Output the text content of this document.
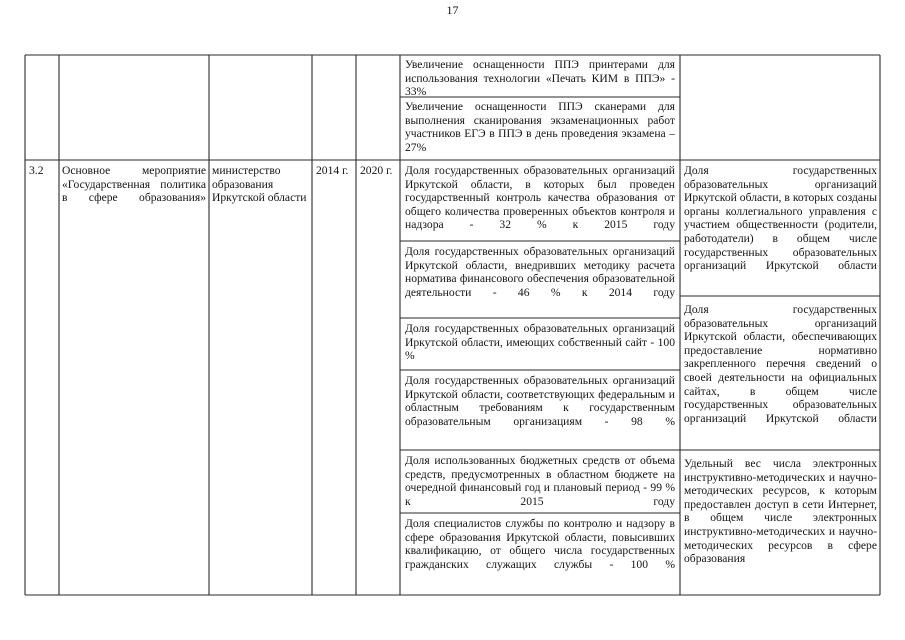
17
Увеличение оснащенности ППЭ принтерами для использования технологии «Печать КИМ в ППЭ» - 33%
Увеличение оснащенности ППЭ сканерами для выполнения сканирования экзаменационных работ участников ЕГЭ в ППЭ в день проведения экзамена – 27%
3.2	Основное мероприятие «Государственная политика в сфере образования»
министерство образования Иркутской области
2014 г. 2020 г.	Доля государственных образовательных организаций Иркутской области, в которых был проведен государственный контроль качества образования от общего количества проверенных объектов контроля и надзора - 32 % к 2015 году
Доля государственных образовательных организаций Иркутской области, внедривших методику расчета норматива финансового обеспечения образовательной деятельности - 46 % к 2014 году
Доля государственных образовательных организаций Иркутской области, имеющих собственный сайт - 100 %
Доля государственных образовательных организаций Иркутской области, соответствующих федеральным и областным требованиям к государственным образовательным организациям - 98 %
Доля использованных бюджетных средств от объема средств, предусмотренных в областном бюджете на очередной финансовый год и плановый период - 99 % к 2015 году
Доля специалистов службы по контролю и надзору в сфере образования Иркутской области, повысивших квалификацию, от общего числа государственных гражданских служащих службы - 100 %
Доля государственных образовательных организаций Иркутской области, в которых созданы органы коллегиального управления с участием общественности (родители, работодатели) в общем числе государственных образовательных организаций Иркутской области
Доля государственных образовательных организаций Иркутской области, обеспечивающих предоставление нормативно закрепленного перечня сведений о своей деятельности на официальных сайтах, в общем числе государственных образовательных организаций Иркутской области
Удельный вес числа электронных инструктивно-методических и научно-методических ресурсов, к которым предоставлен доступ в сети Интернет, в общем числе электронных инструктивно-методических и научно-методических ресурсов в сфере образования
